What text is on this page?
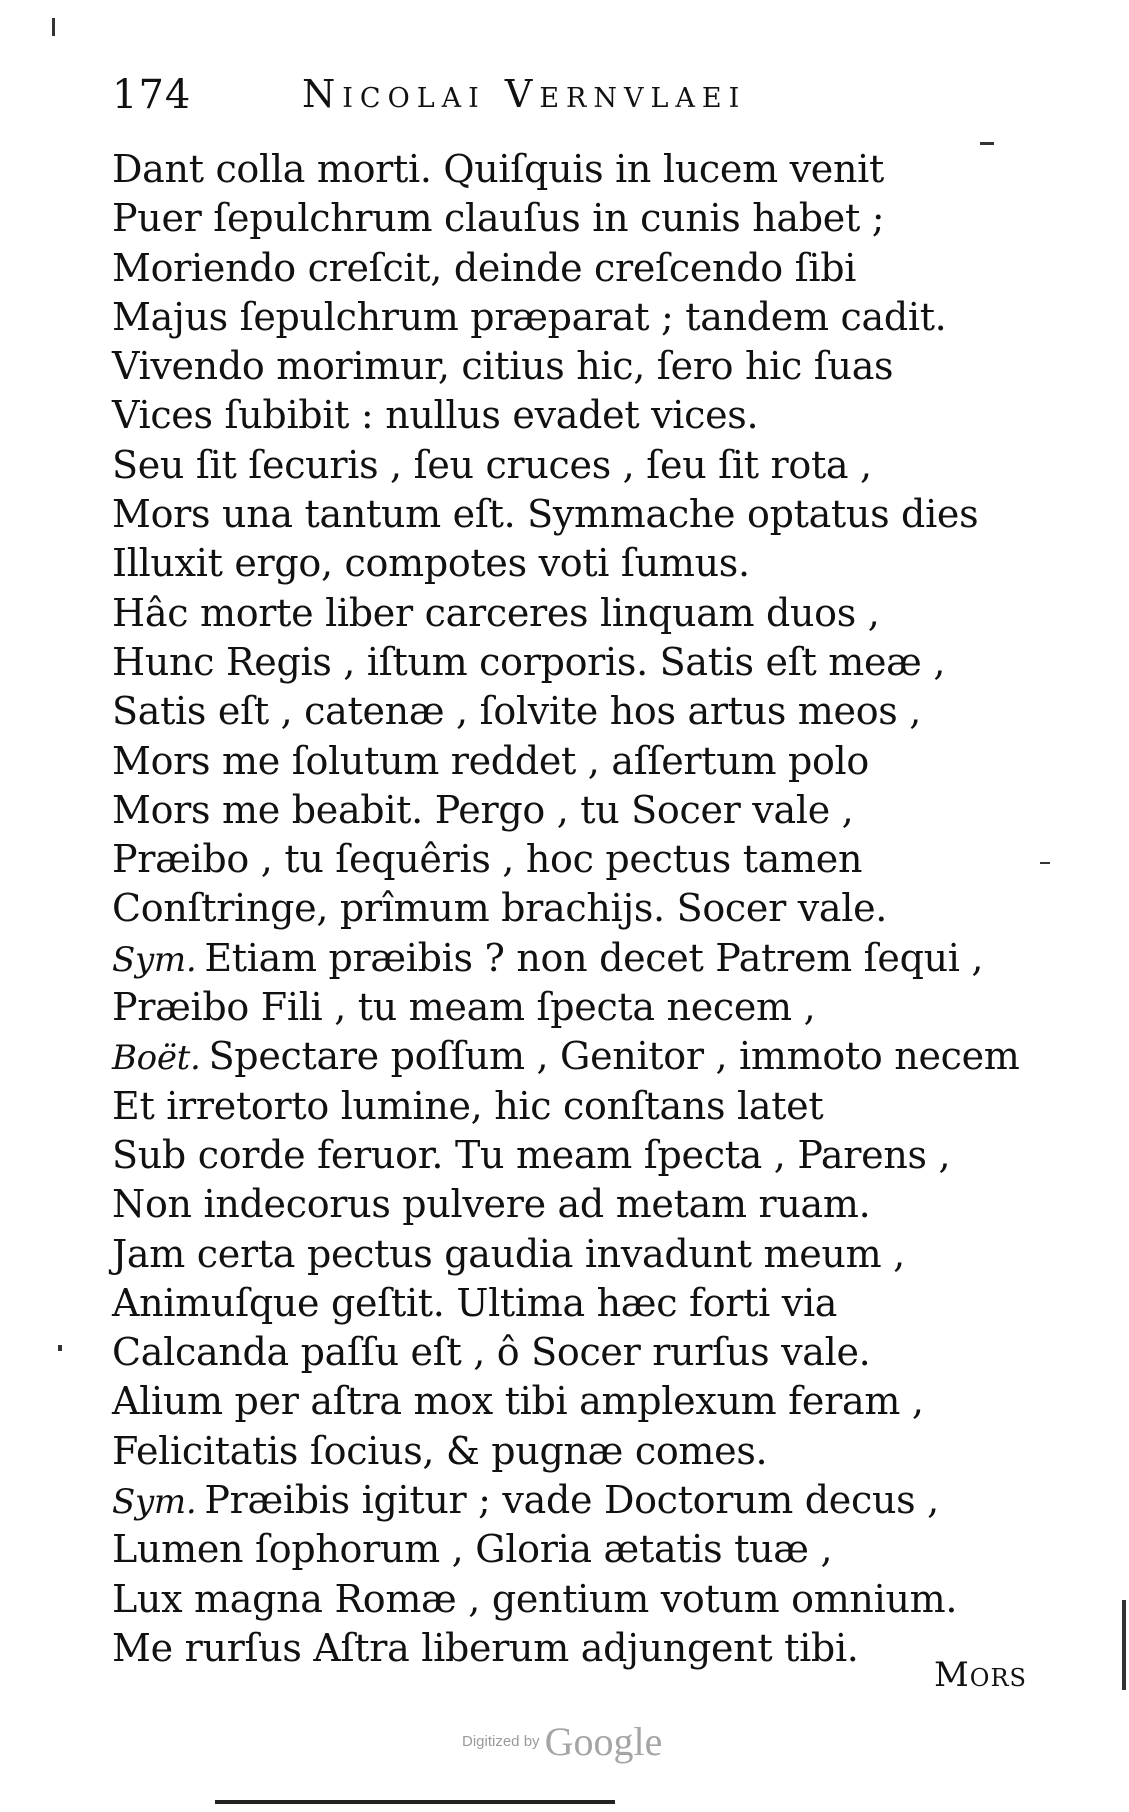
174	Nicolai Vernvlaei
Dant colla morti. Quiſquis in lucem venit
Puer ſepulchrum clauſus in cunis habet ;
Moriendo creſcit, deinde creſcendo ſibi
Majus ſepulchrum præparat ; tandem cadit.
Vivendo morimur, citius hic, ſero hic ſuas
Vices ſubibit : nullus evadet vices.
Seu ſit ſecuris , ſeu cruces , ſeu ſit rota ,
Mors una tantum eſt. Symmache optatus dies
Illuxit ergo, compotes voti ſumus.
Hâc morte liber carceres linquam duos ,
Hunc Regis , iſtum corporis. Satis eſt meæ ,
Satis eſt , catenæ , ſolvite hos artus meos ,
Mors me ſolutum reddet , aſſertum polo
Mors me beabit. Pergo , tu Socer vale ,
Præibo , tu ſequêris , hoc pectus tamen
Conſtringe, prîmum brachijs. Socer vale.
Sym. Etiam præibis ? non decet Patrem ſequi ,
Præibo Fili , tu meam ſpecta necem ,
Boët. Spectare poſſum , Genitor , immoto necem
Et irretorto lumine, hic conſtans latet
Sub corde feruor. Tu meam ſpecta , Parens ,
Non indecorus pulvere ad metam ruam.
Jam certa pectus gaudia invadunt meum ,
Animuſque geſtit. Ultima hæc forti via
Calcanda paſſu eſt , ô Socer rurſus vale.
Alium per aſtra mox tibi amplexum feram ,
Felicitatis ſocius, & pugnæ comes.
Sym. Præibis igitur ; vade Doctorum decus ,
Lumen ſophorum , Gloria ætatis tuæ ,
Lux magna Romæ , gentium votum omnium.
Me rurſus Aſtra liberum adjungent tibi.
Mors
Digitized by Google
